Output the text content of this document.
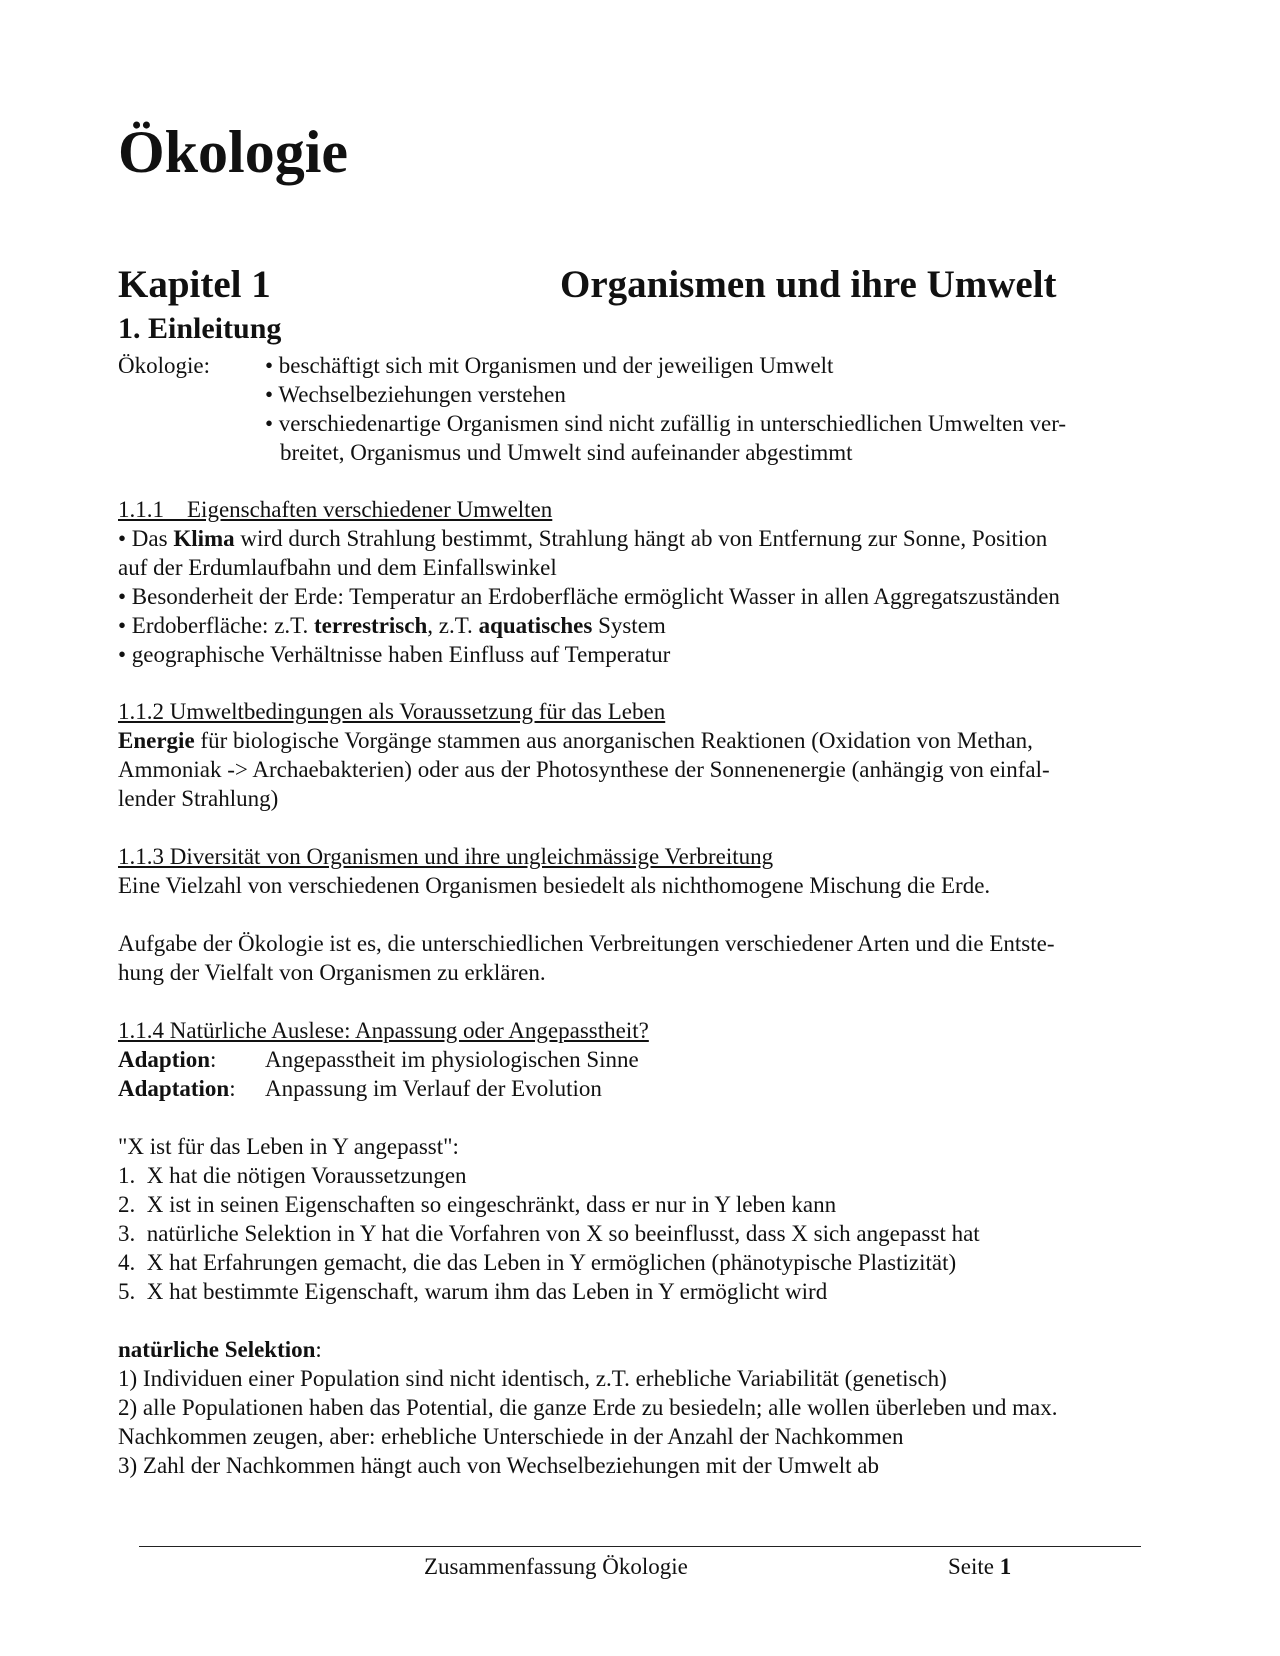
Ökologie
Kapitel 1	Organismen und ihre Umwelt
1. Einleitung
Ökologie: • beschäftigt sich mit Organismen und der jeweiligen Umwelt
• Wechselbeziehungen verstehen
• verschiedenartige Organismen sind nicht zufällig in unterschiedlichen Umwelten ver-
breitet, Organismus und Umwelt sind aufeinander abgestimmt
1.1.1    Eigenschaften verschiedener Umwelten
• Das Klima wird durch Strahlung bestimmt, Strahlung hängt ab von Entfernung zur Sonne, Position
auf der Erdumlaufbahn und dem Einfallswinkel
• Besonderheit der Erde: Temperatur an Erdoberfläche ermöglicht Wasser in allen Aggregatszuständen
• Erdoberfläche: z.T. terrestrisch, z.T. aquatisches System
• geographische Verhältnisse haben Einfluss auf Temperatur
1.1.2 Umweltbedingungen als Voraussetzung für das Leben
Energie für biologische Vorgänge stammen aus anorganischen Reaktionen (Oxidation von Methan,
Ammoniak -> Archaebakterien) oder aus der Photosynthese der Sonnenenergie (anhängig von einfal-
lender Strahlung)
1.1.3 Diversität von Organismen und ihre ungleichmässige Verbreitung
Eine Vielzahl von verschiedenen Organismen besiedelt als nichthomogene Mischung die Erde.
Aufgabe der Ökologie ist es, die unterschiedlichen Verbreitungen verschiedener Arten und die Entste-
hung der Vielfalt von Organismen zu erklären.
1.1.4 Natürliche Auslese: Anpassung oder Angepasstheit?
Adaption: Angepasstheit im physiologischen Sinne
Adaptation: Anpassung im Verlauf der Evolution
"X ist für das Leben in Y angepasst":
1.  X hat die nötigen Voraussetzungen
2.  X ist in seinen Eigenschaften so eingeschränkt, dass er nur in Y leben kann
3.  natürliche Selektion in Y hat die Vorfahren von X so beeinflusst, dass X sich angepasst hat
4.  X hat Erfahrungen gemacht, die das Leben in Y ermöglichen (phänotypische Plastizität)
5.  X hat bestimmte Eigenschaft, warum ihm das Leben in Y ermöglicht wird
natürliche Selektion:
1) Individuen einer Population sind nicht identisch, z.T. erhebliche Variabilität (genetisch)
2) alle Populationen haben das Potential, die ganze Erde zu besiedeln; alle wollen überleben und max.
Nachkommen zeugen, aber: erhebliche Unterschiede in der Anzahl der Nachkommen
3) Zahl der Nachkommen hängt auch von Wechselbeziehungen mit der Umwelt ab
Zusammenfassung Ökologie	Seite 1
